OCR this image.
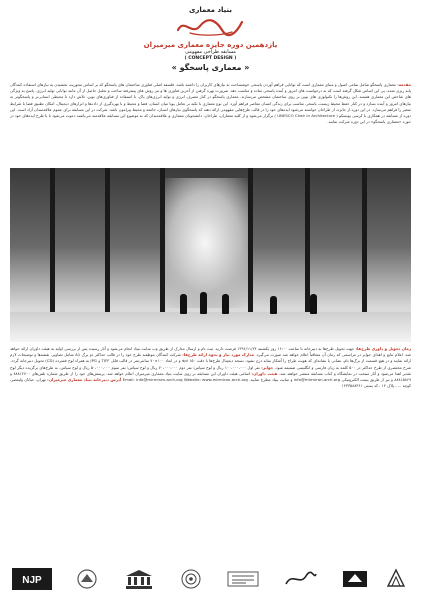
بنیاد معماری
یازدهمین دوره جایزه معماری میرمیران
مسابقه طراحی مفهومی
( CONCEPT DESIGN )
« معماری پاسخگو »
مقدمه: معماری پاسخگو شامل تمامی اصول و مبنای معماری است که توانایی فراهم آوردن پاسخی خوشساخت به نیازهای کاربران را داشته باشد، فلسفه اصلی فناوری ساختمان های پاسخگو که بر اساس محوریت بخشیدن به نیازهای استفاده کنندگان پایه ریزی شده، پی این اساس شکل گرفته است که به درخواست های امروز و آینده پاسخی ساده و مناسب دهد. ضرورت بهره گرفتن از آخرین فناوری ها و نیز روش های پیشرفته ساخت و تحلیل حاصل از آن مانند توانایی تولید انرژی، پاسخ به ویژگی های شاخص این معماری هستند. این روش‌ها را تکنولوژی های نوین بر روی ساختمان مشخص می‌سازند. معماری پاسخگو در کنار مصرف انرژی و تولید انرژی‌های پاک، با استفاده از فناوری‌های نوین، تلاش دارد تا محیطی انسانی‌تر و پاسخگوتر به نیازهای امروز و آینده بسازد و در کنار حفظ محیط زیست، پاسخی مناسب برای زندگی انسان معاصر فراهم آورد. این نوع معماری با تکیه بر تعامل پویا میان انسان، فضا و محیط و با بهره‌گیری از داده‌ها و ابزارهای دیجیتال، امکان تطبیق فضا با شرایط متغیر را فراهم می‌سازد. در این دوره از جایزه، از طراحان خواسته می‌شود ایده‌های خود را در قالب طرح‌هایی مفهومی ارائه دهند که پاسخگوی نیازهای انسان، جامعه و محیط پیرامون باشد. شرکت در این مسابقه برای عموم علاقه‌مندان آزاد است. این دوره از مسابقه در همکاری با کرسی یونسکو ( UNESCO Chair in Architecture ) برگزار می‌شود و از کلیه معماران، طراحان، دانشجویان معماری و علاقه‌مندان که به موضوع این مسابقه علاقه‌مند می‌باشند دعوت می‌شود تا با طرح ایده‌های خود در حوزه «معماری پاسخگو» در این دوره شرکت نمایند.
زمان تحویل و داوری طرح‌ها: جهت تحویل طرح‌ها به دبیرخانه تا ساعت ۱۶:۰۰ روز یکشنبه ۱۳۹۶/۱۱/۲۴ فرصت دارید. ثبت نام و ارسال مدارک از طریق وب سایت بنیاد انجام می‌شود و آثار رسیده پس از بررسی اولیه به هیئت داوران ارائه خواهد شد. اعلام نتایج و اهدای جوایز در مراسمی که زمان آن متعاقباً اعلام خواهد شد صورت می‌گیرد. مدارک مورد نیاز و نحوه ارائه طرح‌ها: شرکت کنندگان موظفند طرح خود را در قالب حداکثر دو برگ A1 شامل تصاویر، نقشه‌ها و توضیحات لازم ارائه نمایند و در هیچ قسمت از برگ‌ها نام، نشانی یا نشانه‌ای که هویت طراح را آشکار نماید درج نشود. نسخه دیجیتال طرح‌ها با دقت ۱۵۰ dpi و در ابعاد ۱۰۰×۷۰ سانتی‌متر در قالب فایل TIFF و JPG به همراه لوح فشرده (CD) تحویل دبیرخانه گردد. شرح مختصری از طرح حداکثر در ۵۰۰ کلمه به زبان فارسی و انگلیسی ضمیمه شود. جوایز: نفر اول ۱۰۰،۰۰۰،۰۰۰ ریال و لوح سپاس؛ نفر دوم ۷۰،۰۰۰،۰۰۰ ریال و لوح سپاس؛ نفر سوم ۵۰،۰۰۰،۰۰۰ ریال و لوح سپاس. به طرح‌های برگزیده دیگر لوح تقدیر اهدا می‌شود و آثار منتخب در نمایشگاه و کتاب مسابقه منتشر خواهند شد. هیئت داوران: اسامی هیئت داوران این مسابقه بر روی سایت بنیاد معماری میرمیران اعلام خواهد شد. پرسش‌های خود را از طریق شماره تلفن‌های ۸۸۸۱۲۷۰۰ و ۸۸۸۱۵۸۶۹ و نیز از طریق پست الکترونیکی info@mirmiran-arch.org و سایت بنیاد مطرح نمایید. Email: info@mirmiran-arch.org Website: www.mirmiran-arch.org آدرس دبیرخانه بنیاد معماری میرمیران: تهران، خیابان ولیعصر، کوچه ... ، پلاک ۱۴ ، کد پستی ۱۴۳۳۵۸۸۳۶۱
NJP
